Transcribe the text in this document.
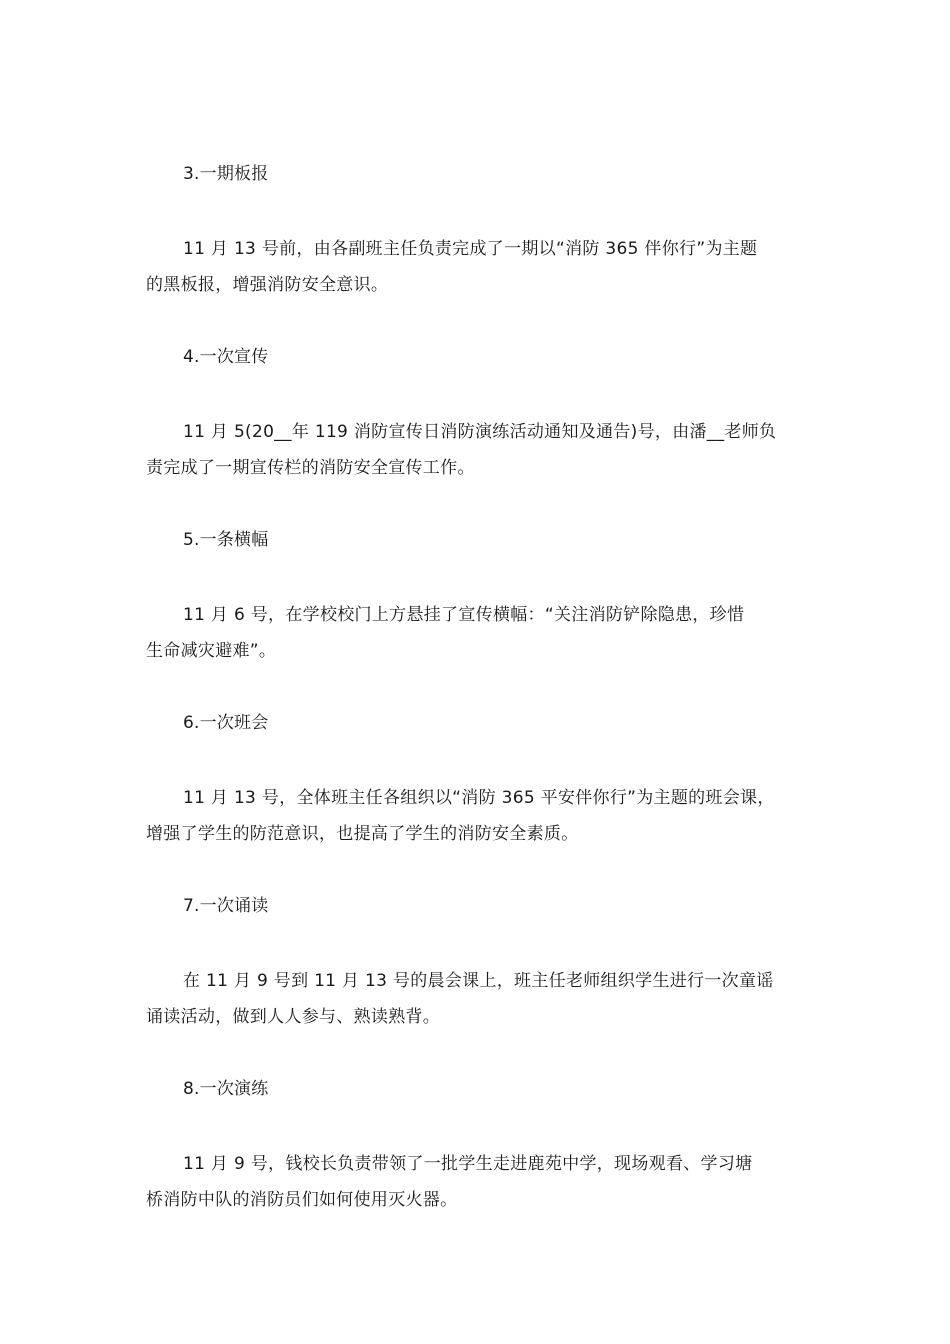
3.一期板报
11 月 13 号前，由各副班主任负责完成了一期以“消防 365 伴你行”为主题
的黑板报，增强消防安全意识。
4.一次宣传
11 月 5(20__年 119 消防宣传日消防演练活动通知及通告)号，由潘__老师负
责完成了一期宣传栏的消防安全宣传工作。
5.一条横幅
11 月 6 号，在学校校门上方悬挂了宣传横幅：“关注消防铲除隐患，珍惜
生命减灾避难”。
6.一次班会
11 月 13 号，全体班主任各组织以“消防 365 平安伴你行”为主题的班会课，
增强了学生的防范意识，也提高了学生的消防安全素质。
7.一次诵读
在 11 月 9 号到 11 月 13 号的晨会课上，班主任老师组织学生进行一次童谣
诵读活动，做到人人参与、熟读熟背。
8.一次演练
11 月 9 号，钱校长负责带领了一批学生走进鹿苑中学，现场观看、学习塘
桥消防中队的消防员们如何使用灭火器。
